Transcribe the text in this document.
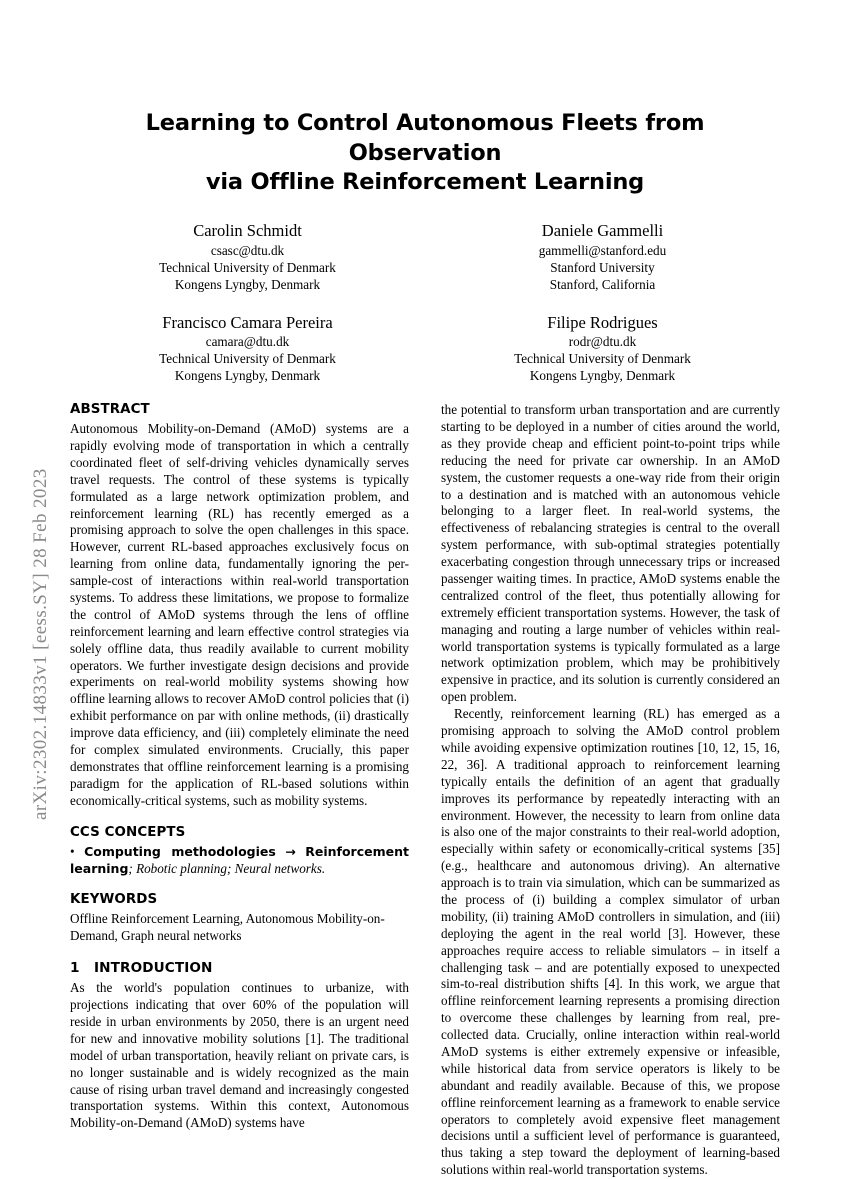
arXiv:2302.14833v1 [eess.SY] 28 Feb 2023
Learning to Control Autonomous Fleets from Observation
via Offline Reinforcement Learning
Carolin Schmidt
csasc@dtu.dk
Technical University of Denmark
Kongens Lyngby, Denmark
Francisco Camara Pereira
camara@dtu.dk
Technical University of Denmark
Kongens Lyngby, Denmark
Daniele Gammelli
gammelli@stanford.edu
Stanford University
Stanford, California
Filipe Rodrigues
rodr@dtu.dk
Technical University of Denmark
Kongens Lyngby, Denmark
ABSTRACT

Autonomous Mobility-on-Demand (AMoD) systems are a rapidly evolving mode of transportation in which a centrally coordinated fleet of self-driving vehicles dynamically serves travel requests. The control of these systems is typically formulated as a large network optimization problem, and reinforcement learning (RL) has recently emerged as a promising approach to solve the open challenges in this space. However, current RL-based approaches exclusively focus on learning from online data, fundamentally ignoring the per-sample-cost of interactions within real-world transportation systems. To address these limitations, we propose to formalize the control of AMoD systems through the lens of offline reinforcement learning and learn effective control strategies via solely offline data, thus readily available to current mobility operators. We further investigate design decisions and provide experiments on real-world mobility systems showing how offline learning allows to recover AMoD control policies that (i) exhibit performance on par with online methods, (ii) drastically improve data efficiency, and (iii) completely eliminate the need for complex simulated environments. Crucially, this paper demonstrates that offline reinforcement learning is a promising paradigm for the application of RL-based solutions within economically-critical systems, such as mobility systems.

CCS CONCEPTS

• Computing methodologies → Reinforcement learning; Robotic planning; Neural networks.

KEYWORDS

Offline Reinforcement Learning, Autonomous Mobility-on-Demand, Graph neural networks

1 INTRODUCTION

As the world's population continues to urbanize, with projections indicating that over 60% of the population will reside in urban environments by 2050, there is an urgent need for new and innovative mobility solutions [1]. The traditional model of urban transportation, heavily reliant on private cars, is no longer sustainable and is widely recognized as the main cause of rising urban travel demand and increasingly congested transportation systems. Within this context, Autonomous Mobility-on-Demand (AMoD) systems have

the potential to transform urban transportation and are currently starting to be deployed in a number of cities around the world, as they provide cheap and efficient point-to-point trips while reducing the need for private car ownership. In an AMoD system, the customer requests a one-way ride from their origin to a destination and is matched with an autonomous vehicle belonging to a larger fleet. In real-world systems, the effectiveness of rebalancing strategies is central to the overall system performance, with sub-optimal strategies potentially exacerbating congestion through unnecessary trips or increased passenger waiting times. In practice, AMoD systems enable the centralized control of the fleet, thus potentially allowing for extremely efficient transportation systems. However, the task of managing and routing a large number of vehicles within real-world transportation systems is typically formulated as a large network optimization problem, which may be prohibitively expensive in practice, and its solution is currently considered an open problem.

Recently, reinforcement learning (RL) has emerged as a promising approach to solving the AMoD control problem while avoiding expensive optimization routines [10, 12, 15, 16, 22, 36]. A traditional approach to reinforcement learning typically entails the definition of an agent that gradually improves its performance by repeatedly interacting with an environment. However, the necessity to learn from online data is also one of the major constraints to their real-world adoption, especially within safety or economically-critical systems [35] (e.g., healthcare and autonomous driving). An alternative approach is to train via simulation, which can be summarized as the process of (i) building a complex simulator of urban mobility, (ii) training AMoD controllers in simulation, and (iii) deploying the agent in the real world [3]. However, these approaches require access to reliable simulators – in itself a challenging task – and are potentially exposed to unexpected sim-to-real distribution shifts [4]. In this work, we argue that offline reinforcement learning represents a promising direction to overcome these challenges by learning from real, pre-collected data. Crucially, online interaction within real-world AMoD systems is either extremely expensive or infeasible, while historical data from service operators is likely to be abundant and readily available. Because of this, we propose offline reinforcement learning as a framework to enable service operators to completely avoid expensive fleet management decisions until a sufficient level of performance is guaranteed, thus taking a step toward the deployment of learning-based solutions within real-world transportation systems.
